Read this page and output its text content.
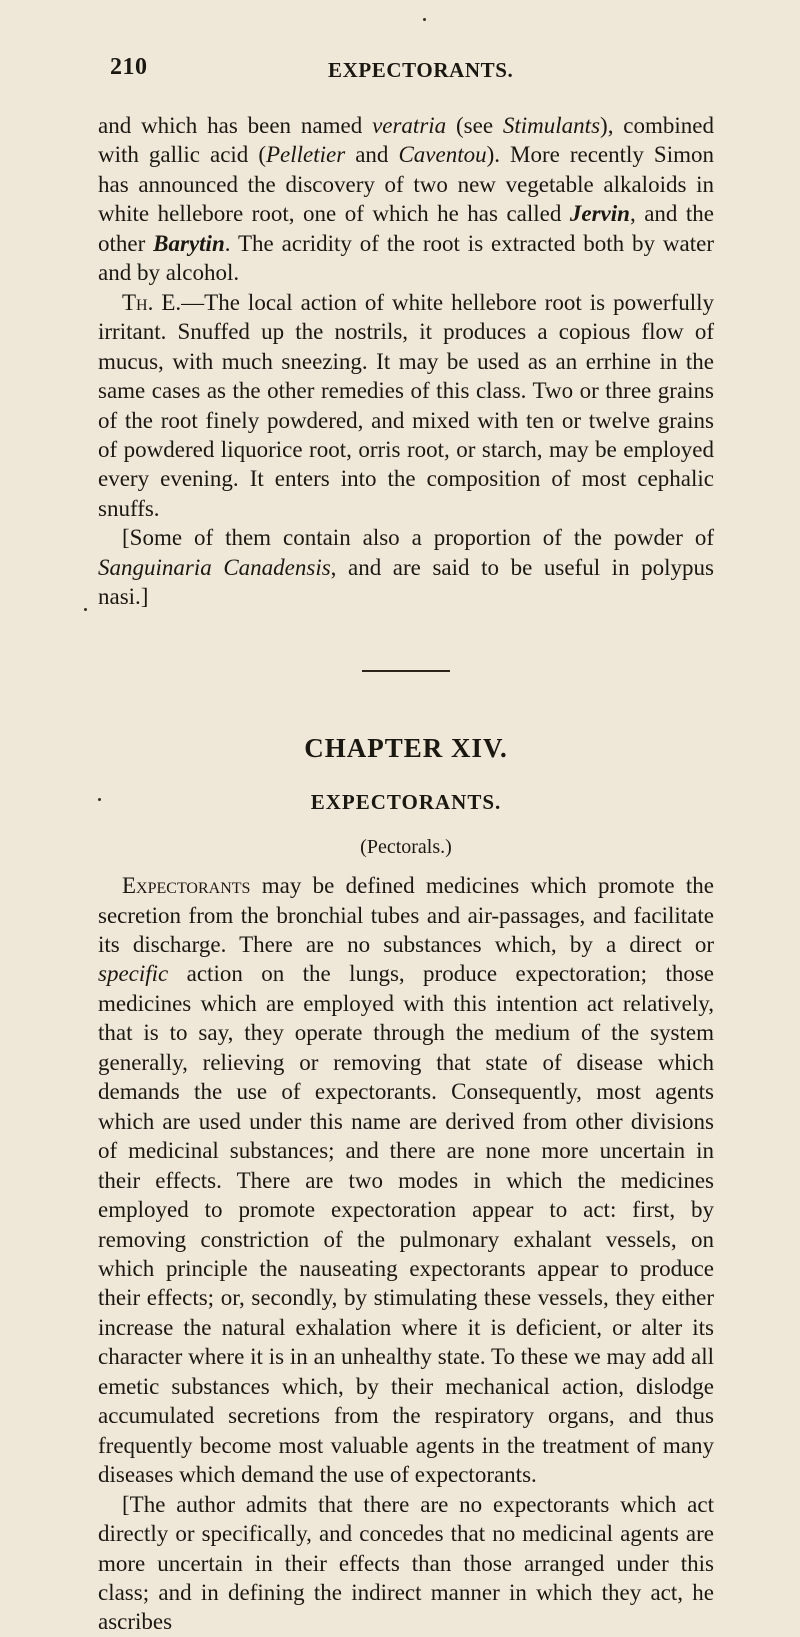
210	EXPECTORANTS.

and which has been named veratria (see Stimulants), combined with gallic acid (Pelletier and Caventou). More recently Simon has announced the discovery of two new vegetable alkaloids in white hellebore root, one of which he has called Jervin, and the other Barytin. The acridity of the root is extracted both by water and by alcohol.

Th. E.—The local action of white hellebore root is powerfully irritant. Snuffed up the nostrils, it produces a copious flow of mucus, with much sneezing. It may be used as an errhine in the same cases as the other remedies of this class. Two or three grains of the root finely powdered, and mixed with ten or twelve grains of powdered liquorice root, orris root, or starch, may be employed every evening. It enters into the composition of most cephalic snuffs.

[Some of them contain also a proportion of the powder of Sanguinaria Canadensis, and are said to be useful in polypus nasi.]

CHAPTER XIV.
EXPECTORANTS.
(Pectorals.)

Expectorants may be defined medicines which promote the secretion from the bronchial tubes and air-passages, and facilitate its discharge. There are no substances which, by a direct or specific action on the lungs, produce expectoration; those medicines which are employed with this intention act relatively, that is to say, they operate through the medium of the system generally, relieving or removing that state of disease which demands the use of expectorants. Consequently, most agents which are used under this name are derived from other divisions of medicinal substances; and there are none more uncertain in their effects. There are two modes in which the medicines employed to promote expectoration appear to act: first, by removing constriction of the pulmonary exhalant vessels, on which principle the nauseating expectorants appear to produce their effects; or, secondly, by stimulating these vessels, they either increase the natural exhalation where it is deficient, or alter its character where it is in an unhealthy state. To these we may add all emetic substances which, by their mechanical action, dislodge accumulated secretions from the respiratory organs, and thus frequently become most valuable agents in the treatment of many diseases which demand the use of expectorants.

[The author admits that there are no expectorants which act directly or specifically, and concedes that no medicinal agents are more uncertain in their effects than those arranged under this class; and in defining the indirect manner in which they act, he ascribes
